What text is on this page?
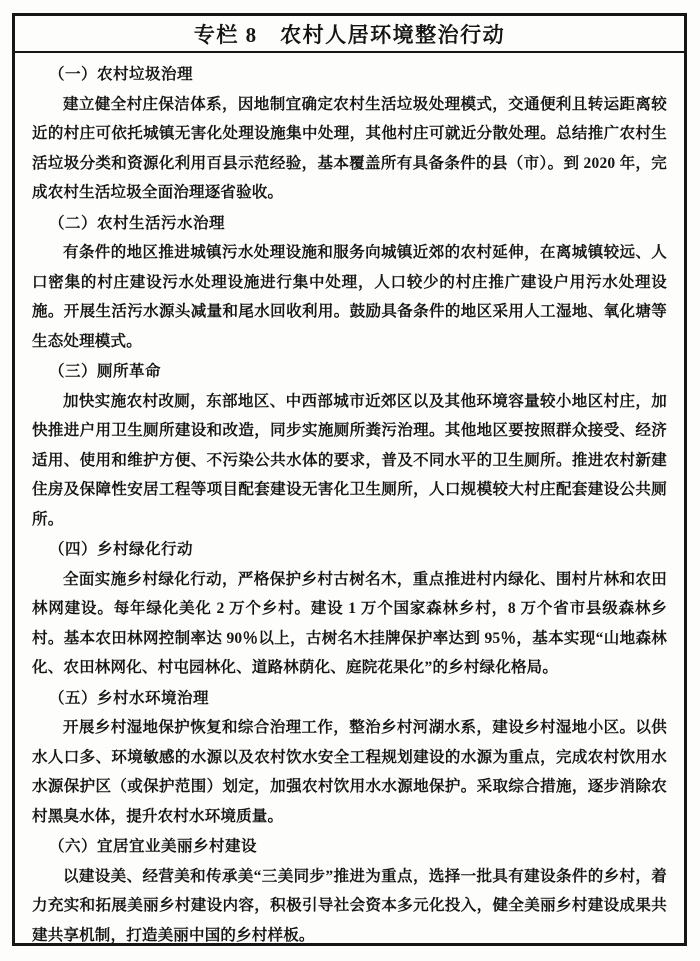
专栏 8　农村人居环境整治行动
（一）农村垃圾治理

建立健全村庄保洁体系，因地制宜确定农村生活垃圾处理模式，交通便利且转运距离较近的村庄可依托城镇无害化处理设施集中处理，其他村庄可就近分散处理。总结推广农村生活垃圾分类和资源化利用百县示范经验，基本覆盖所有具备条件的县（市）。到 2020 年，完成农村生活垃圾全面治理逐省验收。

（二）农村生活污水治理

有条件的地区推进城镇污水处理设施和服务向城镇近郊的农村延伸，在离城镇较远、人口密集的村庄建设污水处理设施进行集中处理，人口较少的村庄推广建设户用污水处理设施。开展生活污水源头减量和尾水回收利用。鼓励具备条件的地区采用人工湿地、氧化塘等生态处理模式。

（三）厕所革命

加快实施农村改厕，东部地区、中西部城市近郊区以及其他环境容量较小地区村庄，加快推进户用卫生厕所建设和改造，同步实施厕所粪污治理。其他地区要按照群众接受、经济适用、使用和维护方便、不污染公共水体的要求，普及不同水平的卫生厕所。推进农村新建住房及保障性安居工程等项目配套建设无害化卫生厕所，人口规模较大村庄配套建设公共厕所。

（四）乡村绿化行动

全面实施乡村绿化行动，严格保护乡村古树名木，重点推进村内绿化、围村片林和农田林网建设。每年绿化美化 2 万个乡村。建设 1 万个国家森林乡村，8 万个省市县级森林乡村。基本农田林网控制率达 90％以上，古树名木挂牌保护率达到 95％，基本实现“山地森林化、农田林网化、村屯园林化、道路林荫化、庭院花果化”的乡村绿化格局。

（五）乡村水环境治理

开展乡村湿地保护恢复和综合治理工作，整治乡村河湖水系，建设乡村湿地小区。以供水人口多、环境敏感的水源以及农村饮水安全工程规划建设的水源为重点，完成农村饮用水水源保护区（或保护范围）划定，加强农村饮用水水源地保护。采取综合措施，逐步消除农村黑臭水体，提升农村水环境质量。

（六）宜居宜业美丽乡村建设

以建设美、经营美和传承美“三美同步”推进为重点，选择一批具有建设条件的乡村，着力充实和拓展美丽乡村建设内容，积极引导社会资本多元化投入，健全美丽乡村建设成果共建共享机制，打造美丽中国的乡村样板。
